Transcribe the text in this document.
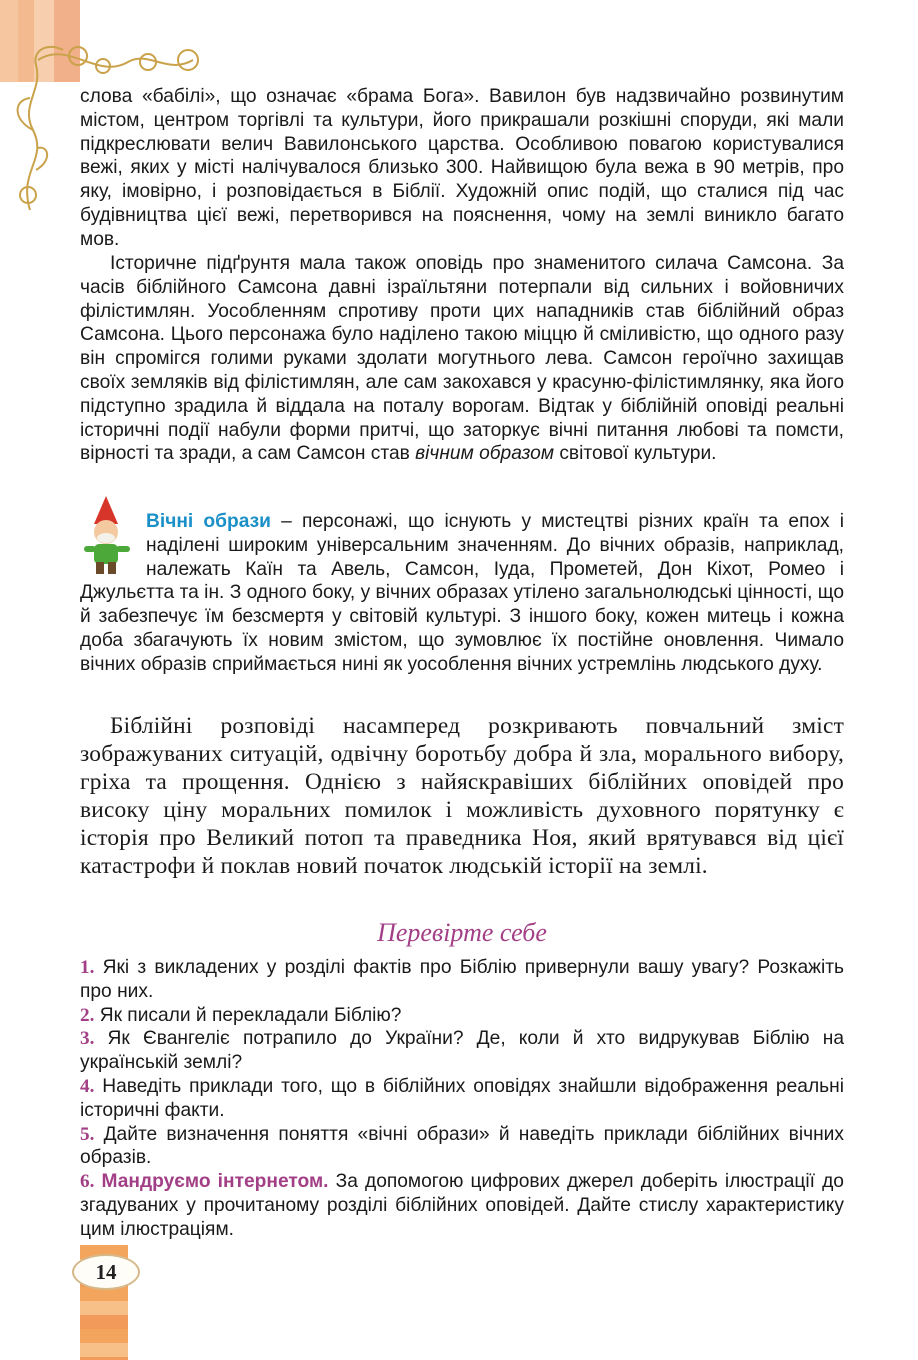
слова «бабілі», що означає «брама Бога». Вавилон був надзвичайно розвинутим містом, центром торгівлі та культури, його прикрашали розкішні споруди, які мали підкреслювати велич Вавилонського царства. Особливою повагою користувалися вежі, яких у місті налічувалося близько 300. Найвищою була вежа в 90 метрів, про яку, імовірно, і розповідається в Біблії. Художній опис подій, що сталися під час будівництва цієї вежі, перетворився на пояснення, чому на землі виникло багато мов.

Історичне підґрунтя мала також оповідь про знаменитого силача Самсона. За часів біблійного Самсона давні ізраїльтяни потерпали від сильних і войовничих філістимлян. Уособленням спротиву проти цих нападників став біблійний образ Самсона. Цього персонажа було наділено такою міццю й сміливістю, що одного разу він спромігся голими руками здолати могутнього лева. Самсон героїчно захищав своїх земляків від філістимлян, але сам закохався у красуню-філістимлянку, яка його підступно зрадила й віддала на поталу ворогам. Відтак у біблійній оповіді реальні історичні події набули форми притчі, що заторкує вічні питання любові та помсти, вірності та зради, а сам Самсон став вічним образом світової культури.

Вічні образи – персонажі, що існують у мистецтві різних країн та епох і наділені широким універсальним значенням. До вічних образів, наприклад, належать Каїн та Авель, Самсон, Іуда, Прометей, Дон Кіхот, Ромео і Джульєтта та ін. З одного боку, у вічних образах утілено загальнолюдські цінності, що й забезпечує їм безсмертя у світовій культурі. З іншого боку, кожен митець і кожна доба збагачують їх новим змістом, що зумовлює їх постійне оновлення. Чимало вічних образів сприймається нині як уособлення вічних устремлінь людського духу.

Біблійні розповіді насамперед розкривають повчальний зміст зображуваних ситуацій, одвічну боротьбу добра й зла, морального вибору, гріха та прощення. Однією з найяскравіших біблійних оповідей про високу ціну моральних помилок і можливість духовного порятунку є історія про Великий потоп та праведника Ноя, який врятувався від цієї катастрофи й поклав новий початок людській історії на землі.

Перевірте себе

1. Які з викладених у розділі фактів про Біблію привернули вашу увагу? Розкажіть про них.

2. Як писали й перекладали Біблію?

3. Як Євангеліє потрапило до України? Де, коли й хто видрукував Біблію на українській землі?

4. Наведіть приклади того, що в біблійних оповідях знайшли відображення реальні історичні факти.

5. Дайте визначення поняття «вічні образи» й наведіть приклади біблійних вічних образів.

6. Мандруємо інтернетом. За допомогою цифрових джерел доберіть ілюстрації до згадуваних у прочитаному розділі біблійних оповідей. Дайте стислу характеристику цим ілюстраціям.

14
